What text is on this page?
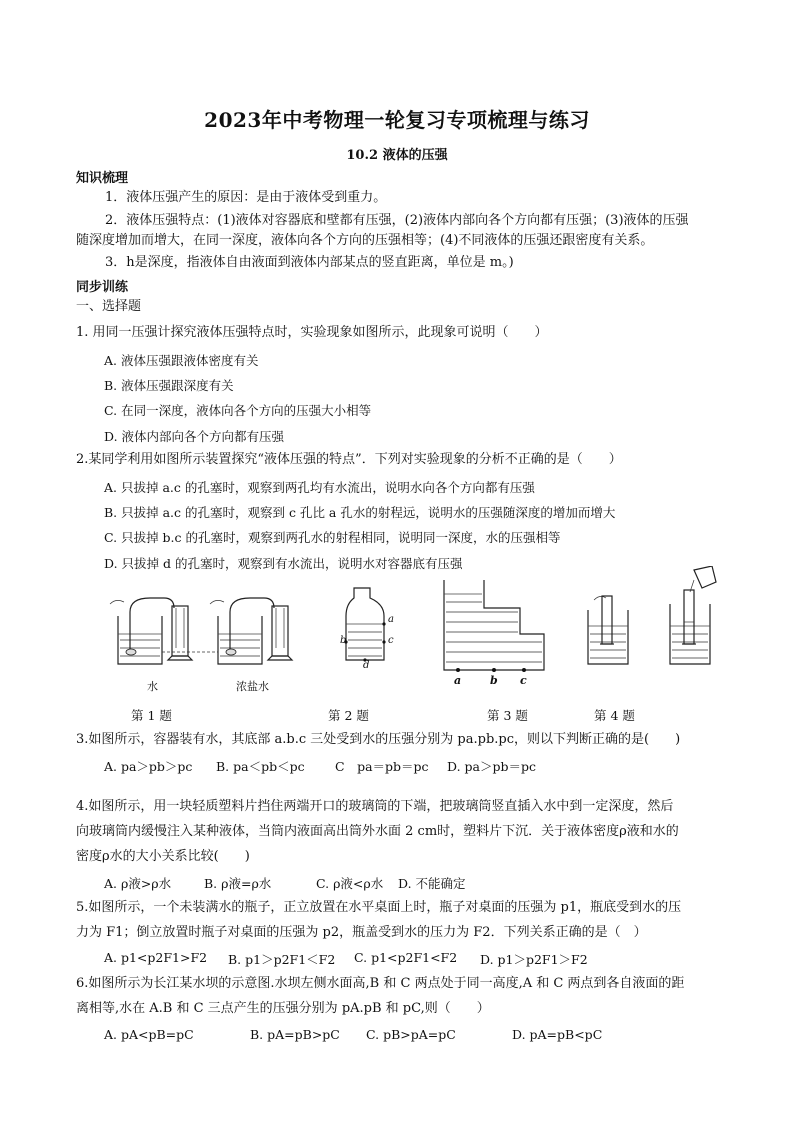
2023年中考物理一轮复习专项梳理与练习
10.2 液体的压强
知识梳理
1．液体压强产生的原因：是由于液体受到重力。
2．液体压强特点：(1)液体对容器底和壁都有压强，(2)液体内部向各个方向都有压强；(3)液体的压强
随深度增加而增大，在同一深度，液体向各个方向的压强相等；(4)不同液体的压强还跟密度有关系。
3．h是深度，指液体自由液面到液体内部某点的竖直距离，单位是 m。)
同步训练
一、选择题
1. 用同一压强计探究液体压强特点时，实验现象如图所示，此现象可说明（　　）
A. 液体压强跟液体密度有关
B. 液体压强跟深度有关
C. 在同一深度，液体向各个方向的压强大小相等
D. 液体内部向各个方向都有压强
2.某同学利用如图所示装置探究“液体压强的特点”．下列对实验现象的分析不正确的是（　　）
A. 只拔掉 a.c 的孔塞时，观察到两孔均有水流出，说明水向各个方向都有压强
B. 只拔掉 a.c 的孔塞时，观察到 c 孔比 a 孔水的射程远，说明水的压强随深度的增加而增大
C. 只拔掉 b.c 的孔塞时，观察到两孔水的射程相同，说明同一深度，水的压强相等
D. 只拔掉 d 的孔塞时，观察到有水流出，说明水对容器底有压强
水	浓盐水
a
b	c
d
a	b c
第 1 题	第 2 题	第 3 题	第 4 题
3.如图所示，容器装有水，其底部 a.b.c 三处受到水的压强分别为 pa.pb.pc，则以下判断正确的是(　　)
A. pa＞pb＞pc B. pa＜pb＜pc C　pa＝pb＝pc D. pa＞pb＝pc
4.如图所示，用一块轻质塑料片挡住两端开口的玻璃筒的下端，把玻璃筒竖直插入水中到一定深度，然后
向玻璃筒内缓慢注入某种液体，当筒内液面高出筒外水面 2 cm时，塑料片下沉．关于液体密度ρ液和水的
密度ρ水的大小关系比较(　　)
A. ρ液>ρ水	B. ρ液=ρ水	C. ρ液<ρ水 D. 不能确定
5.如图所示，一个未装满水的瓶子，正立放置在水平桌面上时，瓶子对桌面的压强为 p1，瓶底受到水的压
力为 F1；倒立放置时瓶子对桌面的压强为 p2，瓶盖受到水的压力为 F2．下列关系正确的是（　）
A. p1<p2F1>F2 B. p1＞p2F1＜F2 C. p1<p2F1<F2 D. p1＞p2F1＞F2
6.如图所示为长江某水坝的示意图.水坝左侧水面高,B 和 C 两点处于同一高度,A 和 C 两点到各自液面的距
离相等,水在 A.B 和 C 三点产生的压强分别为 pA.pB 和 pC,则（　　）
A. pA<pB=pC	B. pA=pB>pC C. pB>pA=pC	D. pA=pB<pC
